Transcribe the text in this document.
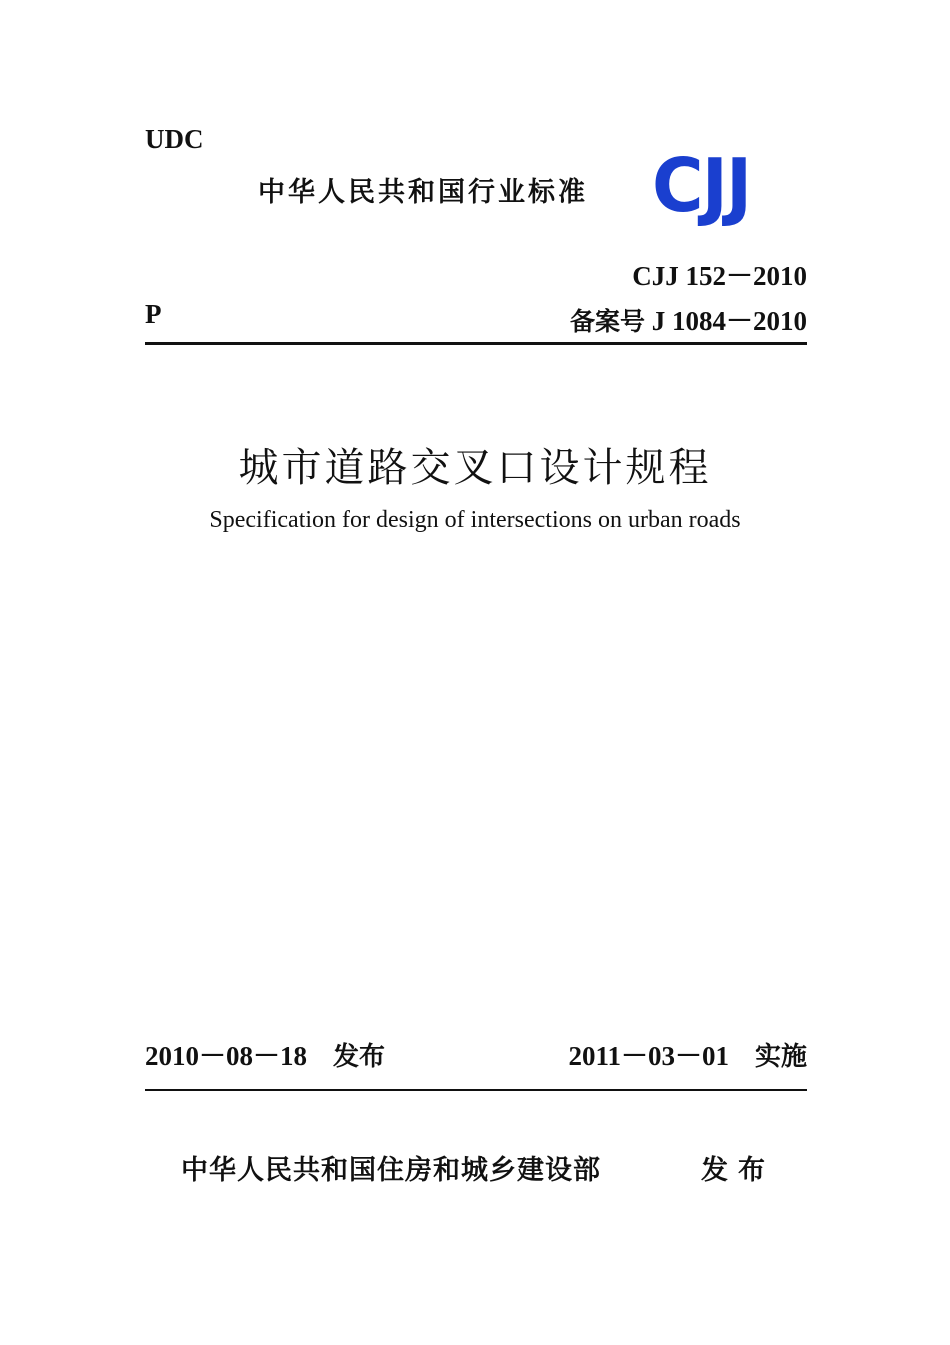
UDC
中华人民共和国行业标准 CJJ
CJJ 152－2010
P	备案号 J 1084－2010
城市道路交叉口设计规程
Specification for design of intersections on urban roads
2010－08－18 发布	2011－03－01 实施
中华人民共和国住房和城乡建设部	发布
